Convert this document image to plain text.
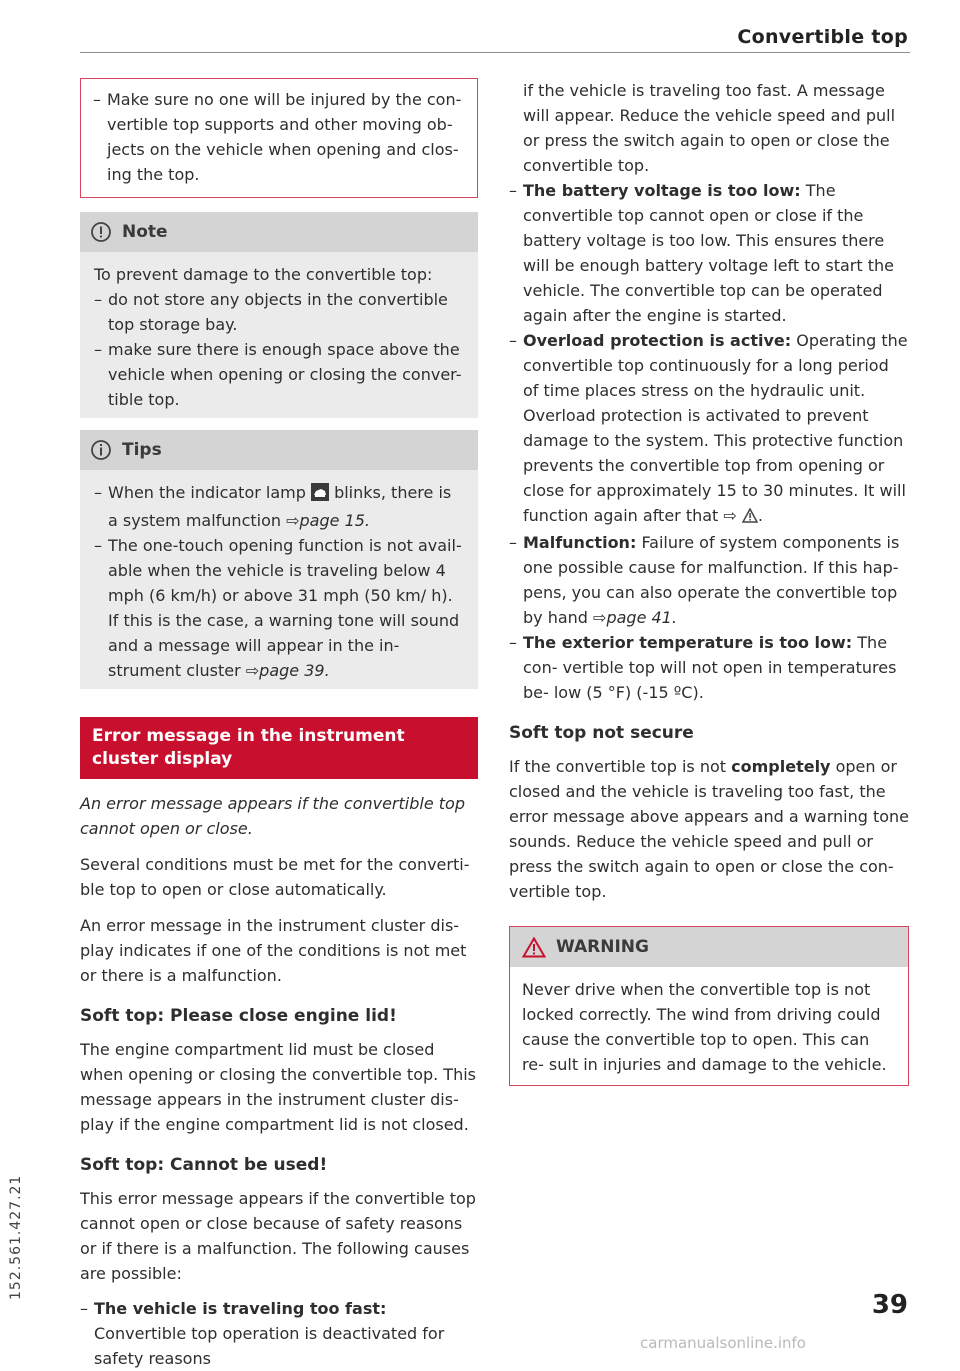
Convertible top

– Make sure no one will be injured by the con- vertible top supports and other moving ob- jects on the vehicle when opening and clos- ing the top.

Note

To prevent damage to the convertible top:

– do not store any objects in the convertible top storage bay.

– make sure there is enough space above the vehicle when opening or closing the conver- tible top.

Tips

– When the indicator lamp blinks, there is a system malfunction ⇨page 15.

– The one-touch opening function is not avail- able when the vehicle is traveling below 4 mph (6 km/h) or above 31 mph (50 km/ h). If this is the case, a warning tone will sound and a message will appear in the in- strument cluster ⇨page 39.

Error message in the instrument cluster display

An error message appears if the convertible top cannot open or close.

Several conditions must be met for the converti- ble top to open or close automatically.

An error message in the instrument cluster dis- play indicates if one of the conditions is not met or there is a malfunction.

Soft top: Please close engine lid!

The engine compartment lid must be closed when opening or closing the convertible top. This message appears in the instrument cluster dis- play if the engine compartment lid is not closed.

Soft top: Cannot be used!

This error message appears if the convertible top cannot open or close because of safety reasons or if there is a malfunction. The following causes are possible:

– The vehicle is traveling too fast: Convertible top operation is deactivated for safety reasons

if the vehicle is traveling too fast. A message will appear. Reduce the vehicle speed and pull or press the switch again to open or close the convertible top.

– The battery voltage is too low: The convertible top cannot open or close if the battery voltage is too low. This ensures there will be enough battery voltage left to start the vehicle. The convertible top can be operated again after the engine is started.

– Overload protection is active: Operating the convertible top continuously for a long period of time places stress on the hydraulic unit. Overload protection is activated to prevent damage to the system. This protective function prevents the convertible top from opening or close for approximately 15 to 30 minutes. It will function again after that ⇨ .

– Malfunction: Failure of system components is one possible cause for malfunction. If this hap- pens, you can also operate the convertible top by hand ⇨page 41.

– The exterior temperature is too low: The con- vertible top will not open in temperatures be- low (5 °F) (-15 ºC).

Soft top not secure

If the convertible top is not completely open or closed and the vehicle is traveling too fast, the error message above appears and a warning tone sounds. Reduce the vehicle speed and pull or press the switch again to open or close the con- vertible top.

WARNING

Never drive when the convertible top is not locked correctly. The wind from driving could cause the convertible top to open. This can re- sult in injuries and damage to the vehicle.

152.561.427.21
39
carmanualsonline.info
